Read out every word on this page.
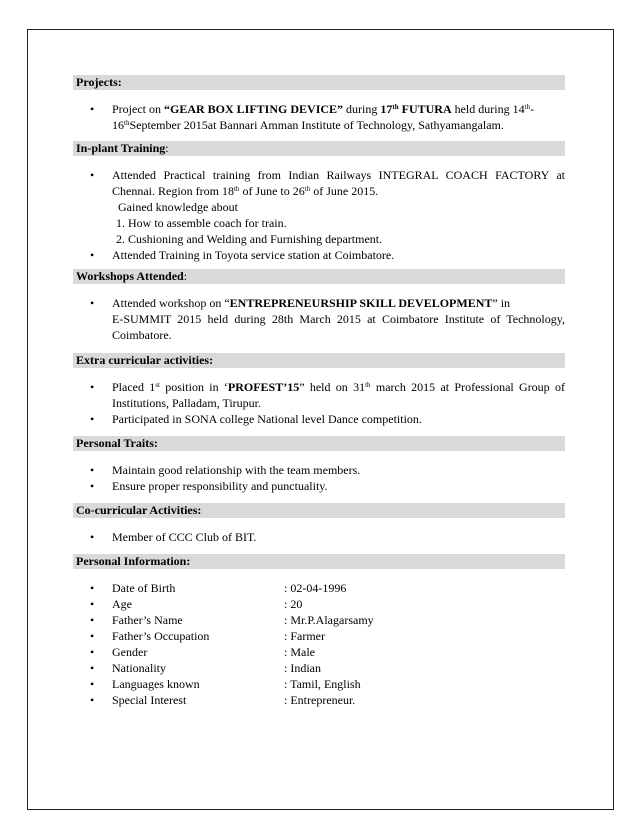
Projects:
• Project on “GEAR BOX LIFTING DEVICE” during 17th FUTURA held during 14th-
16thSeptember 2015at Bannari Amman Institute of Technology, Sathyamangalam.
In-plant Training:
• Attended Practical training from Indian Railways INTEGRAL COACH FACTORY at Chennai. Region from 18th of June to 26th of June 2015.
Gained knowledge about
1. How to assemble coach for train.
2. Cushioning and Welding and Furnishing department.
• Attended Training in Toyota service station at Coimbatore.
Workshops Attended:
• Attended workshop on “ENTREPRENEURSHIP SKILL DEVELOPMENT” in
E-SUMMIT 2015 held during 28th March 2015 at Coimbatore Institute of Technology, Coimbatore.
Extra curricular activities:
• Placed 1st position in ‘PROFEST’15” held on 31th march 2015 at Professional Group of Institutions, Palladam, Tirupur.
• Participated in SONA college National level Dance competition.
Personal Traits:
• Maintain good relationship with the team members.
• Ensure proper responsibility and punctuality.
Co-curricular Activities:
• Member of CCC Club of BIT.
Personal Information:
• Date of Birth	: 02-04-1996
• Age	: 20
• Father’s Name	: Mr.P.Alagarsamy
• Father’s Occupation	: Farmer
• Gender	: Male
• Nationality	: Indian
• Languages known	: Tamil, English
• Special Interest	: Entrepreneur.
